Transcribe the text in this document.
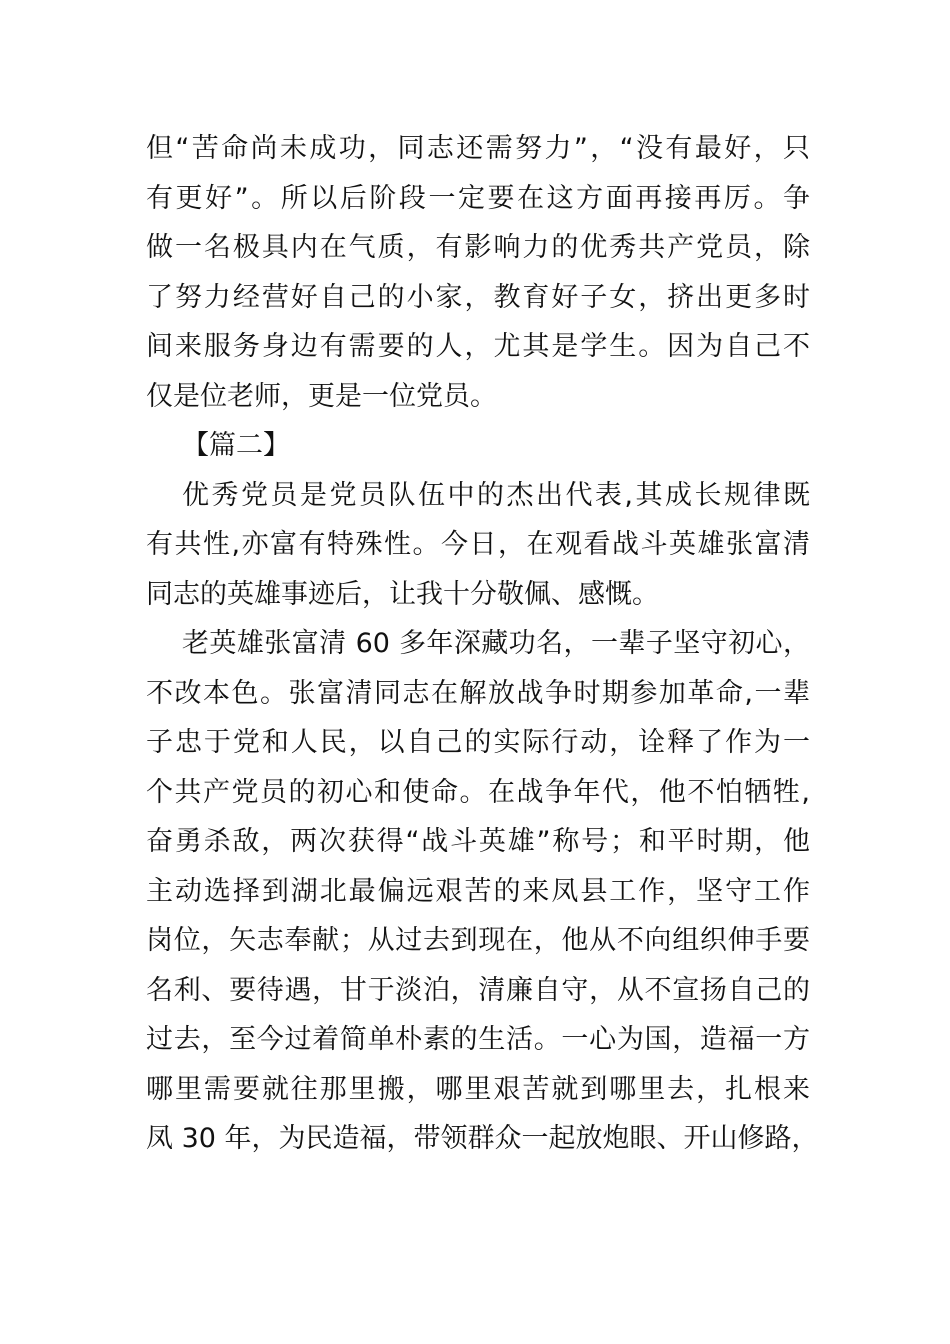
但“苦命尚未成功，同志还需努力”，“没有最好，只
有更好”。所以后阶段一定要在这方面再接再厉。争
做一名极具内在气质，有影响力的优秀共产党员，除
了努力经营好自己的小家，教育好子女，挤出更多时
间来服务身边有需要的人，尤其是学生。因为自己不
仅是位老师，更是一位党员。
【篇二】
优秀党员是党员队伍中的杰出代表,其成长规律既
有共性,亦富有特殊性。今日，在观看战斗英雄张富清
同志的英雄事迹后，让我十分敬佩、感慨。
老英雄张富清 60 多年深藏功名，一辈子坚守初心，
不改本色。张富清同志在解放战争时期参加革命,一辈
子忠于党和人民，以自己的实际行动，诠释了作为一
个共产党员的初心和使命。在战争年代，他不怕牺牲,
奋勇杀敌，两次获得“战斗英雄”称号；和平时期，他
主动选择到湖北最偏远艰苦的来凤县工作，坚守工作
岗位，矢志奉献；从过去到现在，他从不向组织伸手要
名利、要待遇，甘于淡泊，清廉自守，从不宣扬自己的
过去，至今过着简单朴素的生活。一心为国，造福一方
哪里需要就往那里搬，哪里艰苦就到哪里去，扎根来
凤 30 年，为民造福，带领群众一起放炮眼、开山修路，
